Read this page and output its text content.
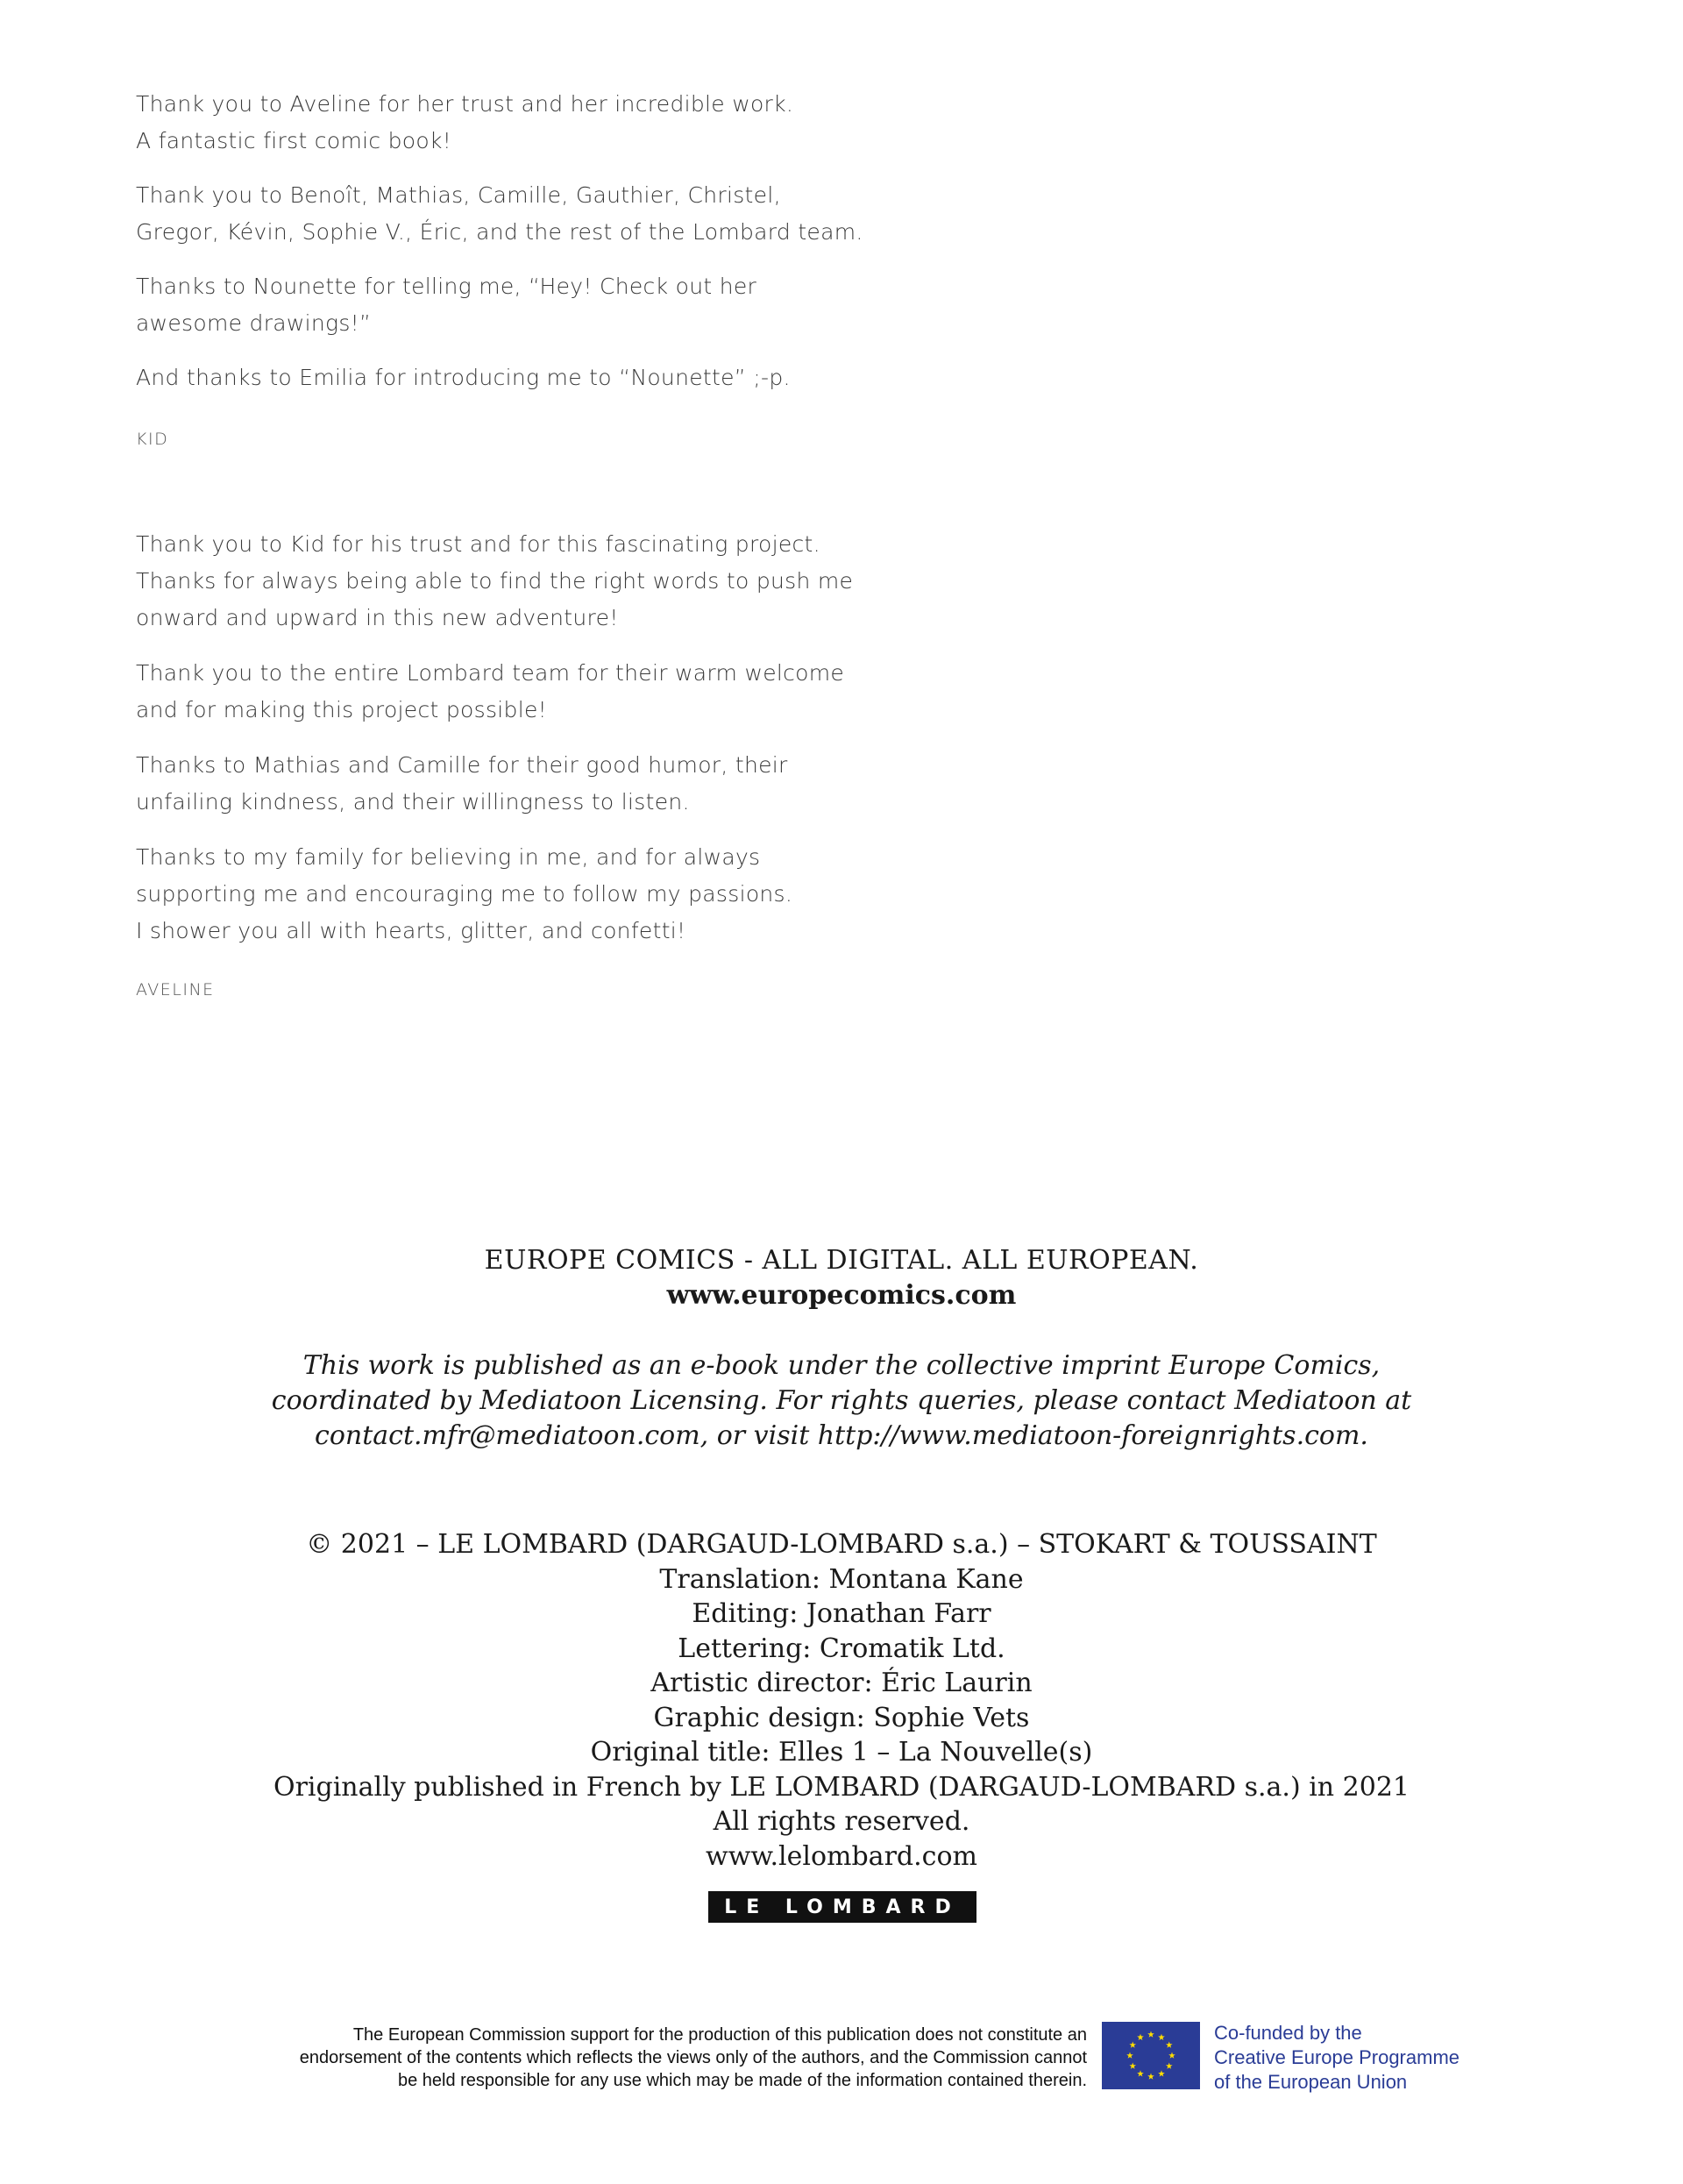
Thank you to Aveline for her trust and her incredible work.
A fantastic first comic book!

Thank you to Benoît, Mathias, Camille, Gauthier, Christel,
Gregor, Kévin, Sophie V., Éric, and the rest of the Lombard team.

Thanks to Nounette for telling me, “Hey! Check out her
awesome drawings!”

And thanks to Emilia for introducing me to “Nounette” ;-p.

KID

Thank you to Kid for his trust and for this fascinating project.
Thanks for always being able to find the right words to push me
onward and upward in this new adventure!

Thank you to the entire Lombard team for their warm welcome
and for making this project possible!

Thanks to Mathias and Camille for their good humor, their
unfailing kindness, and their willingness to listen.

Thanks to my family for believing in me, and for always
supporting me and encouraging me to follow my passions.
I shower you all with hearts, glitter, and confetti!

AVELINE

EUROPE COMICS - ALL DIGITAL. ALL EUROPEAN.
www.europecomics.com
This work is published as an e-book under the collective imprint Europe Comics,
coordinated by Mediatoon Licensing. For rights queries, please contact Mediatoon at
contact.mfr@mediatoon.com, or visit http://www.mediatoon-foreignrights.com.
© 2021 – LE LOMBARD (DARGAUD-LOMBARD s.a.) – STOKART & TOUSSAINT
Translation: Montana Kane
Editing: Jonathan Farr
Lettering: Cromatik Ltd.
Artistic director: Éric Laurin
Graphic design: Sophie Vets
Original title: Elles 1 – La Nouvelle(s)
Originally published in French by LE LOMBARD (DARGAUD-LOMBARD s.a.) in 2021
All rights reserved.
www.lelombard.com
LE LOMBARD
The European Commission support for the production of this publication does not constitute an
endorsement of the contents which reflects the views only of the authors, and the Commission cannot
be held responsible for any use which may be made of the information contained therein.
Co-funded by the
Creative Europe Programme
of the European Union
